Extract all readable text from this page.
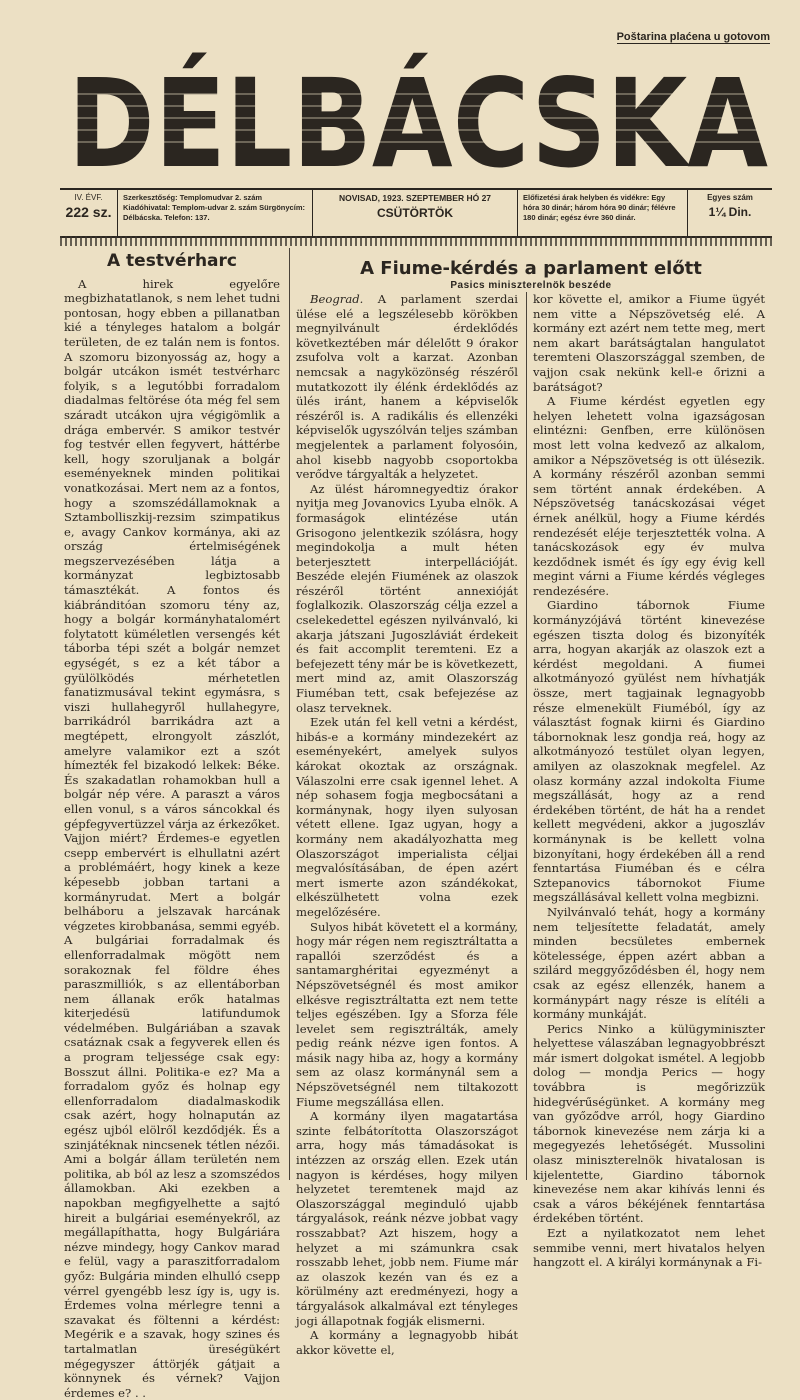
Poštarina plaćena u gotovom
DÉLBÁCSKA
IV. ÉVF.
222 sz.
Szerkesztőség: Templomudvar 2. szám Kiadóhivatal: Templom-udvar 2. szám Sürgönycím: Délbácska. Telefon: 137.
NOVISAD, 1923. SZEPTEMBER HÓ 27
CSÜTÖRTÖK
Előfizetési árak helyben és vidékre: Egy hóra 30 dinár; három hóra 90 dinár; félévre 180 dinár; egész évre 360 dinár.
Egyes szám
1¼ Din.
A testvérharc

A hirek egyelőre megbizhatatlanok, s nem lehet tudni pontosan, hogy ebben a pillanatban kié a tényleges hatalom a bolgár területen, de ez talán nem is fontos. A szomoru bizonyosság az, hogy a bolgár utcákon ismét testvérharc folyik, s a legutóbbi forradalom diadalmas feltörése óta még fel sem száradt utcákon ujra végigömlik a drága embervér. S amikor testvér fog testvér ellen fegyvert, háttérbe kell, hogy szoruljanak a bolgár eseményeknek minden politikai vonatkozásai. Mert nem az a fontos, hogy a szomszédállamoknak a Sztambolliszkij-rezsim szimpatikus e, avagy Cankov kormánya, aki az ország értelmiségének megszervezésében látja a kormányzat legbiztosabb támasztékát. A fontos és kiábránditóan szomoru tény az, hogy a bolgár kormányhatalomért folytatott küméletlen versengés két táborba tépi szét a bolgár nemzet egységét, s ez a két tábor a gyülölködés mérhetetlen fanatizmusával tekint egymásra, s viszi hullahegyről hullahegyre, barrikádról barrikádra azt a megtépett, elrongyolt zászlót, amelyre valamikor ezt a szót hímezték fel bizakodó lelkek: Béke. És szakadatlan rohamokban hull a bolgár nép vére. A paraszt a város ellen vonul, s a város sáncokkal és gépfegyvertüzzel várja az érkezőket. Vajjon miért? Érdemes-e egyetlen csepp embervért is elhullatni azért a problémáért, hogy kinek a keze képesebb jobban tartani a kormányrudat. Mert a bolgár belháboru a jelszavak harcának végzetes kirobbanása, semmi egyéb. A bulgáriai forradalmak és ellenforradalmak mögött nem sorakoznak fel földre éhes paraszmilliók, s az ellentáborban nem állanak erők hatalmas kiterjedésü latifundumok védelmében. Bulgáriában a szavak csatáznak csak a fegyverek ellen és a program teljessége csak egy: Bosszut állni. Politika-e ez? Ma a forradalom győz és holnap egy ellenforradalom diadalmaskodik csak azért, hogy holnapután az egész ujból elölről kezdődjék. És a szinjátéknak nincsenek tétlen nézői. Ami a bolgár állam területén nem politika, ab ból az lesz a szomszédos államokban. Aki ezekben a napokban megfigyelhette a sajtó hireit a bulgáriai eseményekről, az megállapíthatta, hogy Bulgáriára nézve mindegy, hogy Cankov marad e felül, vagy a paraszitforradalom győz: Bulgária minden elhulló csepp vérrel gyengébb lesz így is, ugy is. Érdemes volna mérlegre tenni a szavakat és föltenni a kérdést: Megérik e a szavak, hogy szines és tartalmatlan üreségükért mégegyszer áttörjék gátjait a könnynek és vérnek? Vajjon érdemes e? . .

A Fiume-kérdés a parlament előtt
Pasics miniszterelnök beszéde

Beograd. A parlament szerdai ülése elé a legszélesebb körökben megnyilvánult érdeklődés következtében már délelőtt 9 órakor zsufolva volt a karzat. Azonban nemcsak a nagyközönség részéről mutatkozott ily élénk érdeklődés az ülés iránt, hanem a képviselők részéről is. A radikális és ellenzéki képviselők ugyszólván teljes számban megjelentek a parlament folyosóin, ahol kisebb nagyobb csoportokba verődve tárgyalták a helyzetet.

Az ülést háromnegyedtiz órakor nyitja meg Jovanovics Lyuba elnök. A formaságok elintézése után Grisogono jelentkezik szólásra, hogy megindokolja a mult héten beterjesztett interpellációját. Beszéde elején Fiumének az olaszok részéről történt annexióját foglalkozik. Olaszország célja ezzel a cselekedettel egészen nyilvánvaló, ki akarja játszani Jugoszláviát érdekeit és fait accomplit teremteni. Ez a befejezett tény már be is következett, mert mind az, amit Olaszország Fiuméban tett, csak befejezése az olasz terveknek.

Ezek után fel kell vetni a kérdést, hibás-e a kormány mindezekért az eseményekért, amelyek sulyos károkat okoztak az országnak. Válaszolni erre csak igennel lehet. A nép sohasem fogja megbocsátani a kormánynak, hogy ilyen sulyosan vétett ellene. Igaz ugyan, hogy a kormány nem akadályozhatta meg Olaszországot imperialista céljai megvalósításában, de épen azért mert ismerte azon szándékokat, elkészülhetett volna ezek megelőzésére.

Sulyos hibát követett el a kormány, hogy már régen nem regisztráltatta a rapallói szerződést és a santamarghéritai egyezményt a Népszövetségnél és most amikor elkésve regisztráltatta ezt nem tette teljes egészében. Igy a Sforza féle levelet sem regisztrálták, amely pedig reánk nézve igen fontos. A másik nagy hiba az, hogy a kormány sem az olasz kormánynál sem a Népszövetségnél nem tiltakozott Fiume megszállása ellen.

A kormány ilyen magatartása szinte felbátorította Olaszországot arra, hogy más támadásokat is intézzen az ország ellen. Ezek után nagyon is kérdéses, hogy milyen helyzetet teremtenek majd az Olaszországgal meginduló ujabb tárgyalások, reánk nézve jobbat vagy rosszabbat? Azt hiszem, hogy a helyzet a mi számunkra csak rosszabb lehet, jobb nem. Fiume már az olaszok kezén van és ez a körülmény azt eredményezi, hogy a tárgyalások alkalmával ezt tényleges jogi állapotnak fogják elismerni.

A kormány a legnagyobb hibát akkor követte el,

kor követte el, amikor a Fiume ügyét nem vitte a Népszövetség elé. A kormány ezt azért nem tette meg, mert nem akart barátságtalan hangulatot teremteni Olaszországgal szemben, de vajjon csak nekünk kell-e őrizni a barátságot?

A Fiume kérdést egyetlen egy helyen lehetett volna igazságosan elintézni: Genfben, erre különösen most lett volna kedvező az alkalom, amikor a Népszövetség is ott ülésezik. A kormány részéről azonban semmi sem történt annak érdekében. A Népszövetség tanácskozásai véget érnek anélkül, hogy a Fiume kérdés rendezését eléje terjesztették volna. A tanácskozások egy év mulva kezdődnek ismét és így egy évig kell megint várni a Fiume kérdés végleges rendezésére.

Giardino tábornok Fiume kormányzójává történt kinevezése egészen tiszta dolog és bizonyíték arra, hogyan akarják az olaszok ezt a kérdést megoldani. A fiumei alkotmányozó gyülést nem hívhatják össze, mert tagjainak legnagyobb része elmenekült Fiuméból, így az választást fognak kiirni és Giardino tábornoknak lesz gondja reá, hogy az alkotmányozó testület olyan legyen, amilyen az olaszoknak megfelel. Az olasz kormány azzal indokolta Fiume megszállását, hogy az a rend érdekében történt, de hát ha a rendet kellett megvédeni, akkor a jugoszláv kormánynak is be kellett volna bizonyítani, hogy érdekében áll a rend fenntartása Fiuméban és e célra Sztepanovics tábornokot Fiume megszállásával kellett volna megbizni.

Nyilvánvaló tehát, hogy a kormány nem teljesítette feladatát, amely minden becsületes embernek kötelessége, éppen azért abban a szilárd meggyőződésben él, hogy nem csak az egész ellenzék, hanem a kormánypárt nagy része is elítéli a kormány munkáját.

Perics Ninko a külügyminiszter helyettese válaszában legnagyobbrészt már ismert dolgokat ismétel. A legjobb dolog — mondja Perics — hogy továbbra is megőrizzük hidegvérűségünket. A kormány meg van győződve arról, hogy Giardino tábornok kinevezése nem zárja ki a megegyezés lehetőségét. Mussolini olasz miniszterelnök hivatalosan is kijelentette, Giardino tábornok kinevezése nem akar kihívás lenni és csak a város békéjének fenntartása érdekében történt.

Ezt a nyilatkozatot nem lehet semmibe venni, mert hivatalos helyen hangzott el. A királyi kormánynak a Fi-
